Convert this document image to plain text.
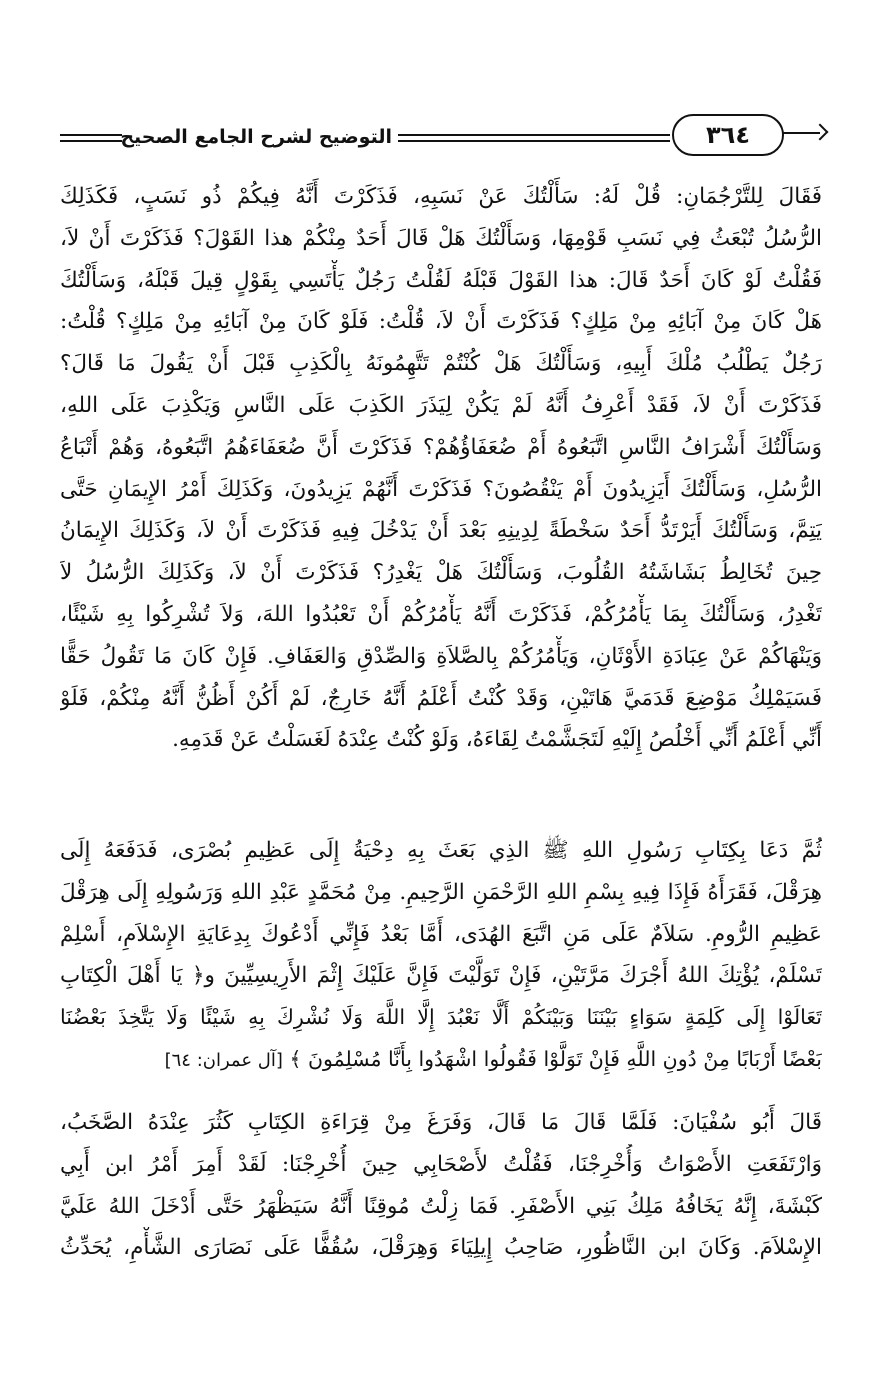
التوضيح لشرح الجامع الصحيح	٣٦٤
فَقَالَ لِلتَّرْجُمَانِ: قُلْ لَهُ: سَأَلْتُكَ عَنْ نَسَبِهِ، فَذَكَرْتَ أَنَّهُ فِيكُمْ ذُو نَسَبٍ، فَكَذَلِكَ
الرُّسُلُ تُبْعَثُ فِي نَسَبِ قَوْمِهَا، وَسَأَلْتُكَ هَلْ قَالَ أَحَدٌ مِنْكُمْ هذا القَوْلَ؟ فَذَكَرْتَ أَنْ لاَ،
فَقُلْتُ لَوْ كَانَ أَحَدٌ قَالَ: هذا القَوْلَ قَبْلَهُ لَقُلْتُ رَجُلٌ يَأْتَسِي بِقَوْلٍ قِيلَ قَبْلَهُ، وَسَأَلْتُكَ
هَلْ كَانَ مِنْ آبَائِهِ مِنْ مَلِكٍ؟ فَذَكَرْتَ أَنْ لاَ، قُلْتُ: فَلَوْ كَانَ مِنْ آبَائِهِ مِنْ مَلِكٍ؟ قُلْتُ:
رَجُلٌ يَطْلُبُ مُلْكَ أَبِيهِ، وَسَأَلْتُكَ هَلْ كُنْتُمْ تَتَّهِمُونَهُ بِالْكَذِبِ قَبْلَ أَنْ يَقُولَ مَا قَالَ؟
فَذَكَرْتَ أَنْ لاَ، فَقَدْ أَعْرِفُ أَنَّهُ لَمْ يَكُنْ لِيَذَرَ الكَذِبَ عَلَى النَّاسِ وَيَكْذِبَ عَلَى اللهِ،
وَسَأَلْتُكَ أَشْرَافُ النَّاسِ اتَّبَعُوهُ أَمْ ضُعَفَاؤُهُمْ؟ فَذَكَرْتَ أَنَّ ضُعَفَاءَهُمُ اتَّبَعُوهُ، وَهُمْ أَتْبَاعُ
الرُّسُلِ، وَسَأَلْتُكَ أَيَزِيدُونَ أَمْ يَنْقُصُونَ؟ فَذَكَرْتَ أَنَّهُمْ يَزِيدُونَ، وَكَذَلِكَ أَمْرُ الإِيمَانِ حَتَّى
يَتِمَّ، وَسَأَلْتُكَ أَيَرْتَدُّ أَحَدٌ سَخْطَةً لِدِينِهِ بَعْدَ أَنْ يَدْخُلَ فِيهِ فَذَكَرْتَ أَنْ لاَ، وَكَذَلِكَ الإِيمَانُ
حِينَ تُخَالِطُ بَشَاشَتُهُ القُلُوبَ، وَسَأَلْتُكَ هَلْ يَغْدِرُ؟ فَذَكَرْتَ أَنْ لاَ، وَكَذَلِكَ الرُّسُلُ لاَ
تَغْدِرُ، وَسَأَلْتُكَ بِمَا يَأْمُرُكُمْ، فَذَكَرْتَ أَنَّهُ يَأْمُرُكُمْ أَنْ تَعْبُدُوا اللهَ، وَلاَ تُشْرِكُوا بِهِ شَيْئًا،
وَيَنْهَاكُمْ عَنْ عِبَادَةِ الأَوْثَانِ، وَيَأْمُرُكُمْ بِالصَّلاَةِ وَالصِّدْقِ وَالعَفَافِ. فَإِنْ كَانَ مَا تَقُولُ حَقًّا
فَسَيَمْلِكُ مَوْضِعَ قَدَمَيَّ هَاتَيْنِ، وَقَدْ كُنْتُ أَعْلَمُ أَنَّهُ خَارِجٌ، لَمْ أَكُنْ أَظُنُّ أَنَّهُ مِنْكُمْ، فَلَوْ
أَنِّي أَعْلَمُ أَنِّي أَخْلُصُ إِلَيْهِ لَتَجَشَّمْتُ لِقَاءَهُ، وَلَوْ كُنْتُ عِنْدَهُ لَغَسَلْتُ عَنْ قَدَمِهِ.
ثُمَّ دَعَا بِكِتَابِ رَسُولِ اللهِ ﷺ الذِي بَعَثَ بِهِ دِحْيَةُ إِلَى عَظِيمِ بُصْرَى، فَدَفَعَهُ إِلَى
هِرَقْلَ، فَقَرَأَهُ فَإِذَا فِيهِ بِسْمِ اللهِ الرَّحْمَنِ الرَّحِيمِ. مِنْ مُحَمَّدٍ عَبْدِ اللهِ وَرَسُولِهِ إِلَى هِرَقْلَ
عَظِيمِ الرُّومِ. سَلاَمٌ عَلَى مَنِ اتَّبَعَ الهُدَى، أَمَّا بَعْدُ فَإِنِّي أَدْعُوكَ بِدِعَايَةِ الإِسْلاَمِ، أَسْلِمْ
تَسْلَمْ، يُؤْتِكَ اللهُ أَجْرَكَ مَرَّتَيْنِ، فَإِنْ تَوَلَّيْتَ فَإِنَّ عَلَيْكَ إِثْمَ الأَرِيسِيِّينَ و﴿ يَا أَهْلَ الْكِتَابِ
تَعَالَوْا إِلَى كَلِمَةٍ سَوَاءٍ بَيْنَنَا وَبَيْنَكُمْ أَلَّا نَعْبُدَ إِلَّا اللَّهَ وَلَا نُشْرِكَ بِهِ شَيْئًا وَلَا يَتَّخِذَ بَعْضُنَا
بَعْضًا أَرْبَابًا مِنْ دُونِ اللَّهِ فَإِنْ تَوَلَّوْا فَقُولُوا اشْهَدُوا بِأَنَّا مُسْلِمُونَ ﴾ [آل عمران: ٦٤]
قَالَ أَبُو سُفْيَانَ: فَلَمَّا قَالَ مَا قَالَ، وَفَرَغَ مِنْ قِرَاءَةِ الكِتَابِ كَثُرَ عِنْدَهُ الصَّخَبُ،
وَارْتَفَعَتِ الأَصْوَاتُ وَأُخْرِجْنَا، فَقُلْتُ لأَصْحَابِي حِينَ أُخْرِجْنَا: لَقَدْ أَمِرَ أَمْرُ ابن أَبِي
كَبْشَةَ، إِنَّهُ يَخَافُهُ مَلِكُ بَنِي الأَصْفَرِ. فَمَا زِلْتُ مُوقِنًا أَنَّهُ سَيَظْهَرُ حَتَّى أَدْخَلَ اللهُ عَلَيَّ
الإِسْلاَمَ. وَكَانَ ابن النَّاظُورِ، صَاحِبُ إِيلِيَاءَ وَهِرَقْلَ، سُقُفًّا عَلَى نَصَارَى الشَّأْمِ، يُحَدِّثُ
